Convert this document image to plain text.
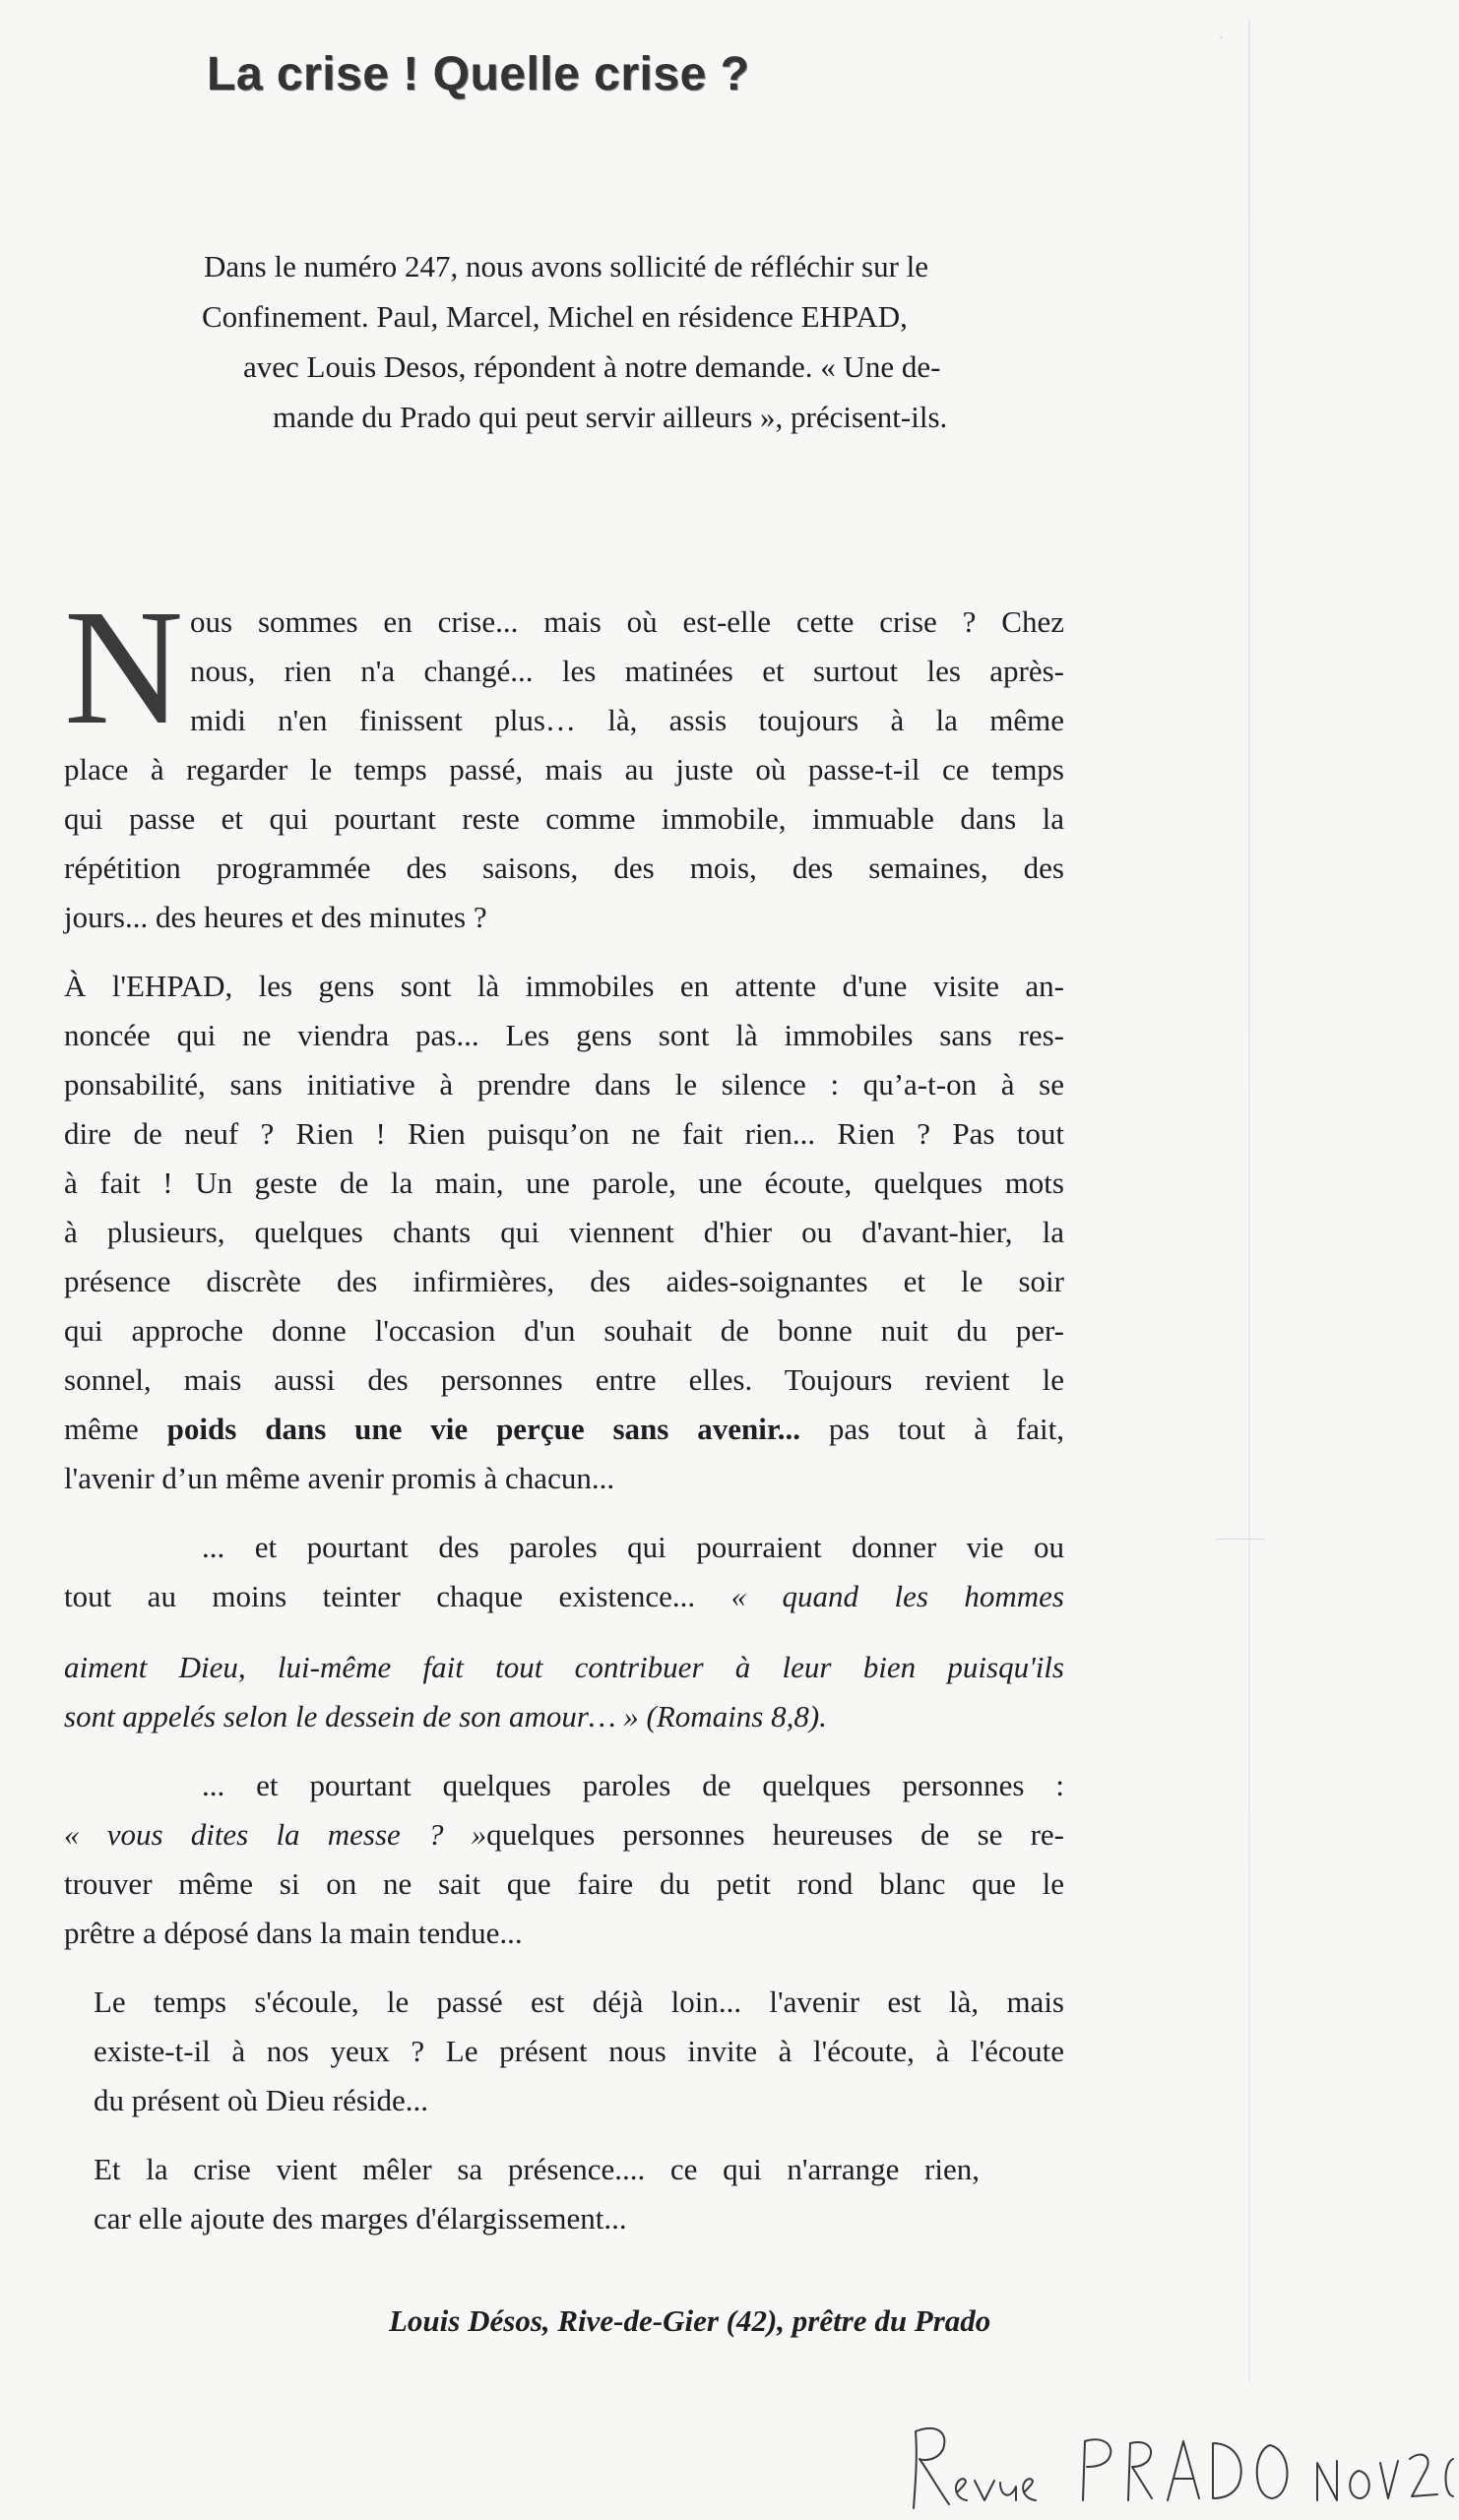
·
La crise ! Quelle crise ?
Dans le numéro 247, nous avons sollicité de réfléchir sur le
Confinement. Paul, Marcel, Michel en résidence EHPAD,
avec Louis Desos, répondent à notre demande. « Une de-
mande du Prado qui peut servir ailleurs », précisent-ils.
N ous sommes en crise... mais où est-elle cette crise ? Chez
nous, rien n'a changé... les matinées et surtout les après-
midi n'en finissent plus… là, assis toujours à la même
place à regarder le temps passé, mais au juste où passe-t-il ce temps
qui passe et qui pourtant reste comme immobile, immuable dans la
répétition programmée des saisons, des mois, des semaines, des
jours... des heures et des minutes ?
À l'EHPAD, les gens sont là immobiles en attente d'une visite an-
noncée qui ne viendra pas... Les gens sont là immobiles sans res-
ponsabilité, sans initiative à prendre dans le silence : qu’a-t-on à se
dire de neuf ? Rien ! Rien puisqu’on ne fait rien... Rien ? Pas tout
à fait ! Un geste de la main, une parole, une écoute, quelques mots
à plusieurs, quelques chants qui viennent d'hier ou d'avant-hier, la
présence discrète des infirmières, des aides-soignantes et le soir
qui approche donne l'occasion d'un souhait de bonne nuit du per-
sonnel, mais aussi des personnes entre elles. Toujours revient le
même poids dans une vie perçue sans avenir... pas tout à fait,
l'avenir d’un même avenir promis à chacun...
... et pourtant des paroles qui pourraient donner vie ou
tout au moins teinter chaque existence... « quand les hommes
aiment Dieu, lui-même fait tout contribuer à leur bien puisqu'ils
sont appelés selon le dessein de son amour… » (Romains 8,8).
... et pourtant quelques paroles de quelques personnes :
« vous dites la messe ? »quelques personnes heureuses de se re-
trouver même si on ne sait que faire du petit rond blanc que le
prêtre a déposé dans la main tendue...
Le temps s'écoule, le passé est déjà loin... l'avenir est là, mais
existe-t-il à nos yeux ? Le présent nous invite à l'écoute, à l'écoute
du présent où Dieu réside...
Et la crise vient mêler sa présence.... ce qui n'arrange rien,
car elle ajoute des marges d'élargissement...
Louis Désos, Rive-de-Gier (42), prêtre du Prado
